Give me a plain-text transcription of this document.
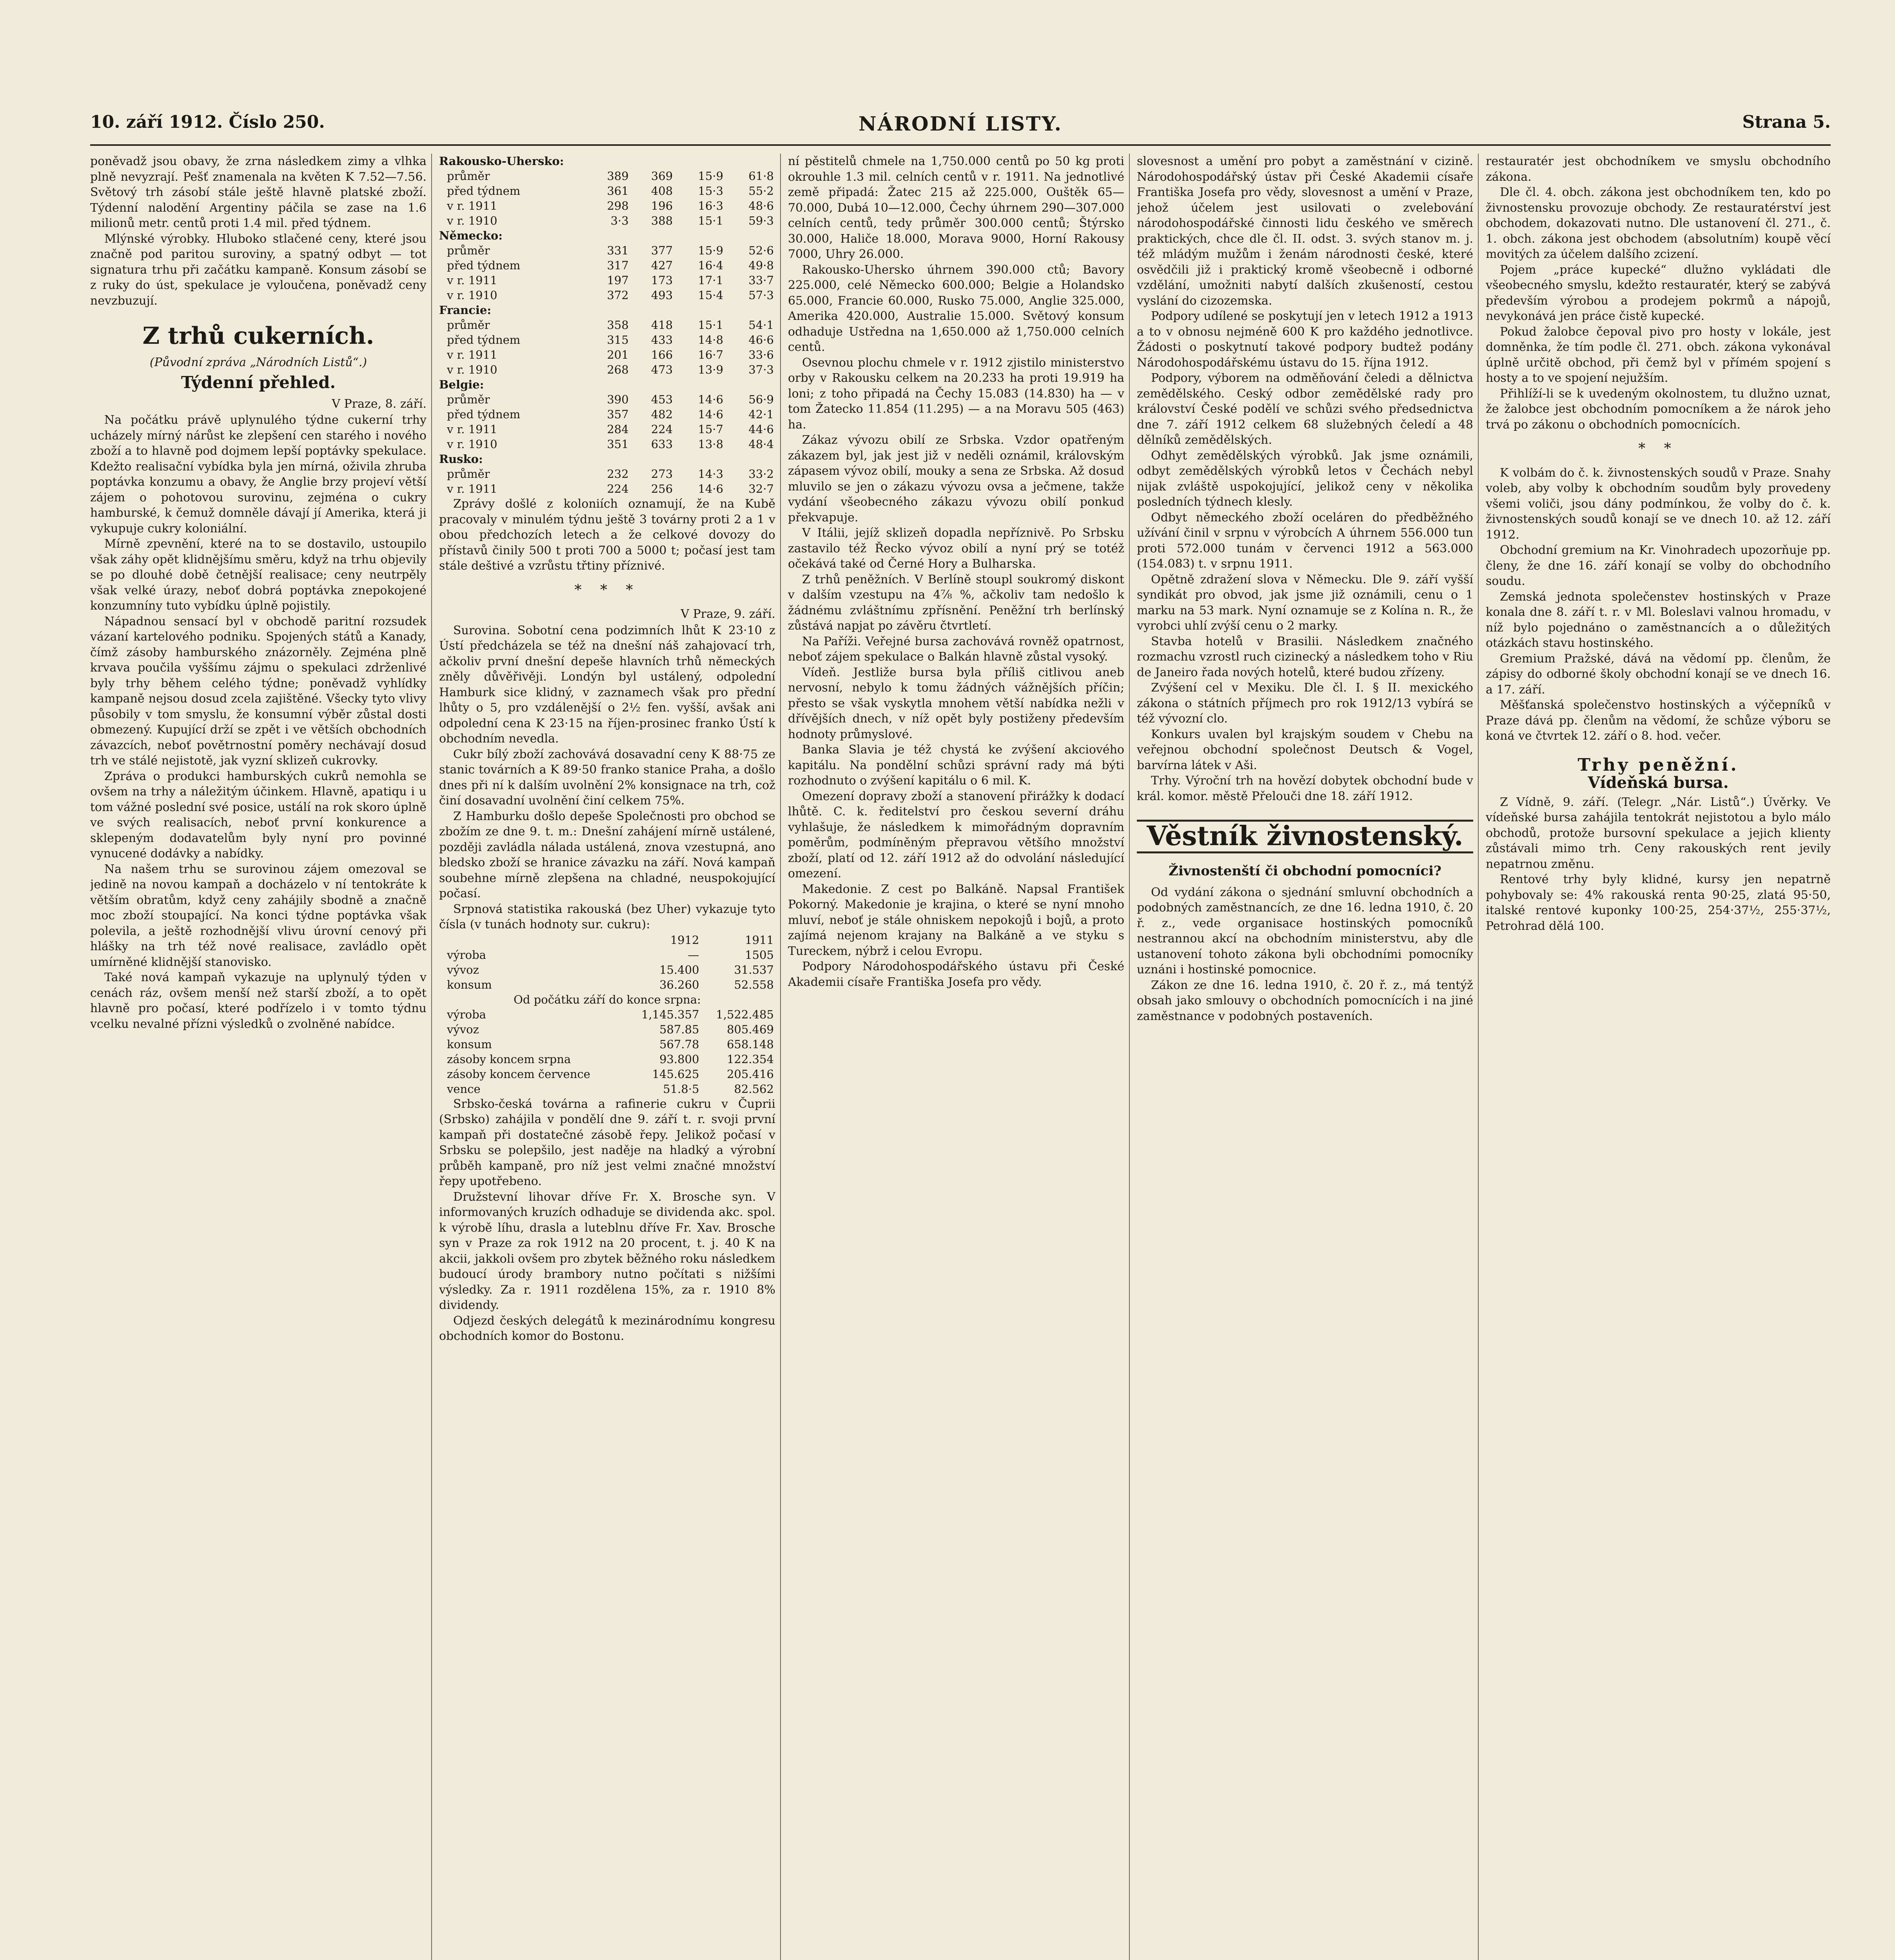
10. září 1912. Číslo 250.	NÁRODNÍ LISTY.	Strana 5.

poněvadž jsou obavy, že zrna následkem zimy a vlhka plně nevyzrají. Pešť znamenala na květen K 7.52—7.56. Světový trh zásobí stále ještě hlavně platské zboží. Týdenní nalodění Argentiny páčila se zase na 1.6 milionů metr. centů proti 1.4 mil. před týdnem.

Mlýnské výrobky. Hluboko stlačené ceny, které jsou značně pod paritou suroviny, a spatný odbyt — tot signatura trhu při začátku kampaně. Konsum zásobí se z ruky do úst, spekulace je vyloučena, poněvadž ceny nevzbuzují.

Z trhů cukerních.
(Původní zpráva „Národních Listů“.)
Týdenní přehled.
V Praze, 8. září.

Na počátku právě uplynulého týdne cukerní trhy ucházely mírný nárůst ke zlepšení cen starého i nového zboží a to hlavně pod dojmem lepší poptávky spekulace. Kdežto realisační vybídka byla jen mírná, oživila zhruba poptávka konzumu a obavy, že Anglie brzy projeví větší zájem o pohotovou surovinu, zejména o cukry hamburské, k čemuž domněle dávají jí Amerika, která ji vykupuje cukry koloniální.

Mírně zpevnění, které na to se dostavilo, ustoupilo však záhy opět klidnějšímu směru, když na trhu objevily se po dlouhé době četnější realisace; ceny neutrpěly však velké úrazy, neboť dobrá poptávka znepokojené konzumníny tuto vybídku úplně pojistily.

Nápadnou sensací byl v obchodě paritní rozsudek vázaní kartelového podniku. Spojených států a Kanady, čímž zásoby hamburského znázorněly. Zejména plně krvava poučila vyššímu zájmu o spekulaci zdrženlivé byly trhy během celého týdne; poněvadž vyhlídky kampaně nejsou dosud zcela zajištěné. Všecky tyto vlivy působily v tom smyslu, že konsumní výběr zůstal dosti obmezený. Kupující drží se zpět i ve větších obchodních závazcích, neboť povětrnostní poměry nechávají dosud trh ve stálé nejistotě, jak vyzní sklizeň cukrovky.

Zpráva o produkci hamburských cukrů nemohla se ovšem na trhy a náležitým účinkem. Hlavně, apatiqu i u tom vážné poslední své posice, ustálí na rok skoro úplně ve svých realisacích, neboť první konkurence a sklepeným dodavatelům byly nyní pro povinné vynucené dodávky a nabídky.

Na našem trhu se surovinou zájem omezoval se jedině na novou kampaň a docházelo v ní tentokráte k větším obratům, když ceny zahájily sbodně a značně moc zboží stoupající. Na konci týdne poptávka však polevila, a ještě rozhodnější vlivu úrovní cenový při hlášky na trh též nové realisace, zavládlo opět umírněné klidnější stanovisko.

Také nová kampaň vykazuje na uplynulý týden v cenách ráz, ovšem menší než starší zboží, a to opět hlavně pro počasí, které podřízelo i v tomto týdnu vcelku nevalné přízni výsledků o zvolněné nabídce.

Rakousko-Uhersko:				
průměr	389	369	15·9	61·8
před týdnem	361	408	15·3	55·2
v r. 1911	298	196	16·3	48·6
v r. 1910	3·3	388	15·1	59·3
Německo:				
průměr	331	377	15·9	52·6
před týdnem	317	427	16·4	49·8
v r. 1911	197	173	17·1	33·7
v r. 1910	372	493	15·4	57·3
Francie:				
průměr	358	418	15·1	54·1
před týdnem	315	433	14·8	46·6
v r. 1911	201	166	16·7	33·6
v r. 1910	268	473	13·9	37·3
Belgie:				
průměr	390	453	14·6	56·9
před týdnem	357	482	14·6	42·1
v r. 1911	284	224	15·7	44·6
v r. 1910	351	633	13·8	48·4
Rusko:				
průměr	232	273	14·3	33·2
v r. 1911	224	256	14·6	32·7

Zprávy došlé z koloniích oznamují, že na Kubě pracovaly v minulém týdnu ještě 3 továrny proti 2 a 1 v obou předchozích letech a že celkové dovozy do přístavů činily 500 t proti 700 a 5000 t; počasí jest tam stále deštivé a vzrůstu třtiny příznivé.

* * *
V Praze, 9. září.

Surovina. Sobotní cena podzimních lhůt K 23·10 z Ústí předcházela se též na dnešní náš zahajovací trh, ačkoliv první dnešní depeše hlavních trhů německých zněly důvěřivěji. Londýn byl ustálený, odpolední Hamburk sice klidný, v zaznamech však pro přední lhůty o 5, pro vzdálenější o 2½ fen. vyšší, avšak ani odpolední cena K 23·15 na říjen-prosinec franko Ústí k obchodním nevedla.

Cukr bílý zboží zachovává dosavadní ceny K 88·75 ze stanic továrních a K 89·50 franko stanice Praha, a došlo dnes při ní k dalším uvolnění 2% konsignace na trh, což činí dosavadní uvolnění činí celkem 75%.

Z Hamburku došlo depeše Společnosti pro obchod se zbožím ze dne 9. t. m.: Dnešní zahájení mírně ustálené, později zavládla nálada ustálená, znova vzestupná, ano bledsko zboží se hranice závazku na září. Nová kampaň soubehne mírně zlepšena na chladné, neuspokojující počasí.

Srpnová statistika rakouská (bez Uher) vykazuje tyto čísla (v tunách hodnoty sur. cukru):

	1912	1911
výroba	—	1505
vývoz	15.400	31.537
konsum	36.260	52.558
Od počátku září do konce srpna:		
výroba	1,145.357	1,522.485
vývoz	587.85	805.469
konsum	567.78	658.148
zásoby koncem srpna	93.800	122.354
zásoby koncem července	145.625	205.416
vence	51.8·5	82.562

Srbsko-česká továrna a rafinerie cukru v Čuprii (Srbsko) zahájila v pondělí dne 9. září t. r. svoji první kampaň při dostatečné zásobě řepy. Jelikož počasí v Srbsku se polepšilo, jest naděje na hladký a výrobní průběh kampaně, pro níž jest velmi značné množství řepy upotřebeno.

Družstevní lihovar dříve Fr. X. Brosche syn. V informovaných kruzích odhaduje se dividenda akc. spol. k výrobě líhu, drasla a luteblnu dříve Fr. Xav. Brosche syn v Praze za rok 1912 na 20 procent, t. j. 40 K na akcii, jakkoli ovšem pro zbytek běžného roku následkem budoucí úrody brambory nutno počítati s nižšími výsledky. Za r. 1911 rozdělena 15%, za r. 1910 8% dividendy.

Odjezd českých delegátů k mezinárodnímu kongresu obchodních komor do Bostonu.

ní pěstitelů chmele na 1,750.000 centů po 50 kg proti okrouhle 1.3 mil. celních centů v r. 1911. Na jednotlivé země připadá: Žatec 215 až 225.000, Ouštěk 65—70.000, Dubá 10—12.000, Čechy úhrnem 290—307.000 celních centů, tedy průměr 300.000 centů; Štýrsko 30.000, Haliče 18.000, Morava 9000, Horní Rakousy 7000, Uhry 26.000.

Rakousko-Uhersko úhrnem 390.000 ctů; Bavory 225.000, celé Německo 600.000; Belgie a Holandsko 65.000, Francie 60.000, Rusko 75.000, Anglie 325.000, Amerika 420.000, Australie 15.000. Světový konsum odhaduje Ustředna na 1,650.000 až 1,750.000 celních centů.

Osevnou plochu chmele v r. 1912 zjistilo ministerstvo orby v Rakousku celkem na 20.233 ha proti 19.919 ha loni; z toho připadá na Čechy 15.083 (14.830) ha — v tom Žatecko 11.854 (11.295) — a na Moravu 505 (463) ha.

Zákaz vývozu obilí ze Srbska. Vzdor opatřeným zákazem byl, jak jest již v neděli oznámil, královským zápasem vývoz obilí, mouky a sena ze Srbska. Až dosud mluvilo se jen o zákazu vývozu ovsa a ječmene, takže vydání všeobecného zákazu vývozu obilí ponkud překvapuje.

V Itálii, jejíž sklizeň dopadla nepříznivě. Po Srbsku zastavilo též Řecko vývoz obilí a nyní prý se totéž očekává také od Černé Hory a Bulharska.

Z trhů peněžních. V Berlíně stoupl soukromý diskont v dalším vzestupu na 4⅞ %, ačkoliv tam nedošlo k žádnému zvláštnímu zpřísnění. Peněžní trh berlínský zůstává napjat po závěru čtvrtletí.

Na Paříži. Veřejné bursa zachovává rovněž opatrnost, neboť zájem spekulace o Balkán hlavně zůstal vysoký.

Vídeň. Jestliže bursa byla příliš citlivou aneb nervosní, nebylo k tomu žádných vážnějších příčin; přesto se však vyskytla mnohem větší nabídka nežli v dřívějších dnech, v níž opět byly postiženy především hodnoty průmyslové.

Banka Slavia je též chystá ke zvýšení akciového kapitálu. Na pondělní schůzi správní rady má býti rozhodnuto o zvýšení kapitálu o 6 mil. K.

Omezení dopravy zboží a stanovení přirážky k dodací lhůtě. C. k. ředitelství pro českou severní dráhu vyhlašuje, že následkem k mimořádným dopravním poměrům, podmíněným přepravou většího množství zboží, platí od 12. září 1912 až do odvolání následující omezení.

Makedonie. Z cest po Balkáně. Napsal František Pokorný. Makedonie je krajina, o které se nyní mnoho mluví, neboť je stále ohniskem nepokojů i bojů, a proto zajímá nejenom krajany na Balkáně a ve styku s Tureckem, nýbrž i celou Evropu.

Podpory Národohospodářského ústavu při České Akademii císaře Františka Josefa pro vědy.

slovesnost a umění pro pobyt a zaměstnání v cizině. Národohospodářský ústav při České Akademii císaře Františka Josefa pro vědy, slovesnost a umění v Praze, jehož účelem jest usilovati o zvelebování národohospodářské činnosti lidu českého ve směrech praktických, chce dle čl. II. odst. 3. svých stanov m. j. též mládým mužům i ženám národnosti české, které osvědčili již i praktický kromě všeobecně i odborné vzdělání, umožniti nabytí dalších zkušeností, cestou vyslání do cizozemska.

Podpory udílené se poskytují jen v letech 1912 a 1913 a to v obnosu nejméně 600 K pro každého jednotlivce. Žádosti o poskytnutí takové podpory budtež podány Národohospodářskému ústavu do 15. října 1912.

Podpory, výborem na odměňování čeledi a dělnictva zemědělského. Ceský odbor zemědělské rady pro království České podělí ve schůzi svého předsednictva dne 7. září 1912 celkem 68 služebných čeledí a 48 dělníků zemědělských.

Odhyt zemědělských výrobků. Jak jsme oznámili, odbyt zemědělských výrobků letos v Čechách nebyl nijak zvláště uspokojující, jelikož ceny v několika posledních týdnech klesly.

Odbyt německého zboží oceláren do předběžného užívání činil v srpnu v výrobcích A úhrnem 556.000 tun proti 572.000 tunám v červenci 1912 a 563.000 (154.083) t. v srpnu 1911.

Opětně zdražení slova v Německu. Dle 9. září vyšší syndikát pro obvod, jak jsme již oznámili, cenu o 1 marku na 53 mark. Nyní oznamuje se z Kolína n. R., že vyrobci uhlí zvýší cenu o 2 marky.

Stavba hotelů v Brasilii. Následkem značného rozmachu vzrostl ruch cizinecký a následkem toho v Riu de Janeiro řada nových hotelů, které budou zřízeny.

Zvýšení cel v Mexiku. Dle čl. I. § II. mexického zákona o státních příjmech pro rok 1912/13 vybírá se též vývozní clo.

Konkurs uvalen byl krajským soudem v Chebu na veřejnou obchodní společnost Deutsch & Vogel, barvírna látek v Aši.

Trhy. Výroční trh na hovězí dobytek obchodní bude v král. komor. městě Přelouči dne 18. září 1912.

Věstník živnostenský.
Živnostenští či obchodní pomocníci?

Od vydání zákona o sjednání smluvní obchodních a podobných zaměstnancích, ze dne 16. ledna 1910, č. 20 ř. z., vede organisace hostinských pomocníků nestrannou akcí na obchodním ministerstvu, aby dle ustanovení tohoto zákona byli obchodními pomocníky uznáni i hostinské pomocnice.

Zákon ze dne 16. ledna 1910, č. 20 ř. z., má tentýž obsah jako smlouvy o obchodních pomocnících i na jiné zaměstnance v podobných postaveních.

restauratér jest obchodníkem ve smyslu obchodního zákona.

Dle čl. 4. obch. zákona jest obchodníkem ten, kdo po živnostensku provozuje obchody. Ze restauratérství jest obchodem, dokazovati nutno. Dle ustanovení čl. 271., č. 1. obch. zákona jest obchodem (absolutním) koupě věcí movitých za účelem dalšího zcizení.

Pojem „práce kupecké“ dlužno vykládati dle všeobecného smyslu, kdežto restauratér, který se zabývá především výrobou a prodejem pokrmů a nápojů, nevykonává jen práce čistě kupecké.

Pokud žalobce čepoval pivo pro hosty v lokále, jest domněnka, že tím podle čl. 271. obch. zákona vykonával úplně určitě obchod, při čemž byl v přímém spojení s hosty a to ve spojení nejužším.

Přihlíží-li se k uvedeným okolnostem, tu dlužno uznat, že žalobce jest obchodním pomocníkem a že nárok jeho trvá po zákonu o obchodních pomocnících.

* *

K volbám do č. k. živnostenských soudů v Praze. Snahy voleb, aby volby k obchodním soudům byly provedeny všemi voliči, jsou dány podmínkou, že volby do č. k. živnostenských soudů konají se ve dnech 10. až 12. září 1912.

Obchodní gremium na Kr. Vinohradech upozorňuje pp. členy, že dne 16. září konají se volby do obchodního soudu.

Zemská jednota společenstev hostinských v Praze konala dne 8. září t. r. v Ml. Boleslavi valnou hromadu, v níž bylo pojednáno o zaměstnancích a o důležitých otázkách stavu hostinského.

Gremium Pražské, dává na vědomí pp. členům, že zápisy do odborné školy obchodní konají se ve dnech 16. a 17. září.

Měšťanská společenstvo hostinských a výčepníků v Praze dává pp. členům na vědomí, že schůze výboru se koná ve čtvrtek 12. září o 8. hod. večer.

Trhy peněžní.
Vídeňská bursa.

Z Vídně, 9. září. (Telegr. „Nár. Listů“.) Úvěrky. Ve vídeňské bursa zahájila tentokrát nejistotou a bylo málo obchodů, protože bursovní spekulace a jejich klienty zůstávali mimo trh. Ceny rakouských rent jevily nepatrnou změnu.

Rentové trhy byly klidné, kursy jen nepatrně pohybovaly se: 4% rakouská renta 90·25, zlatá 95·50, italské rentové kuponky 100·25, 254·37½, 255·37½, Petrohrad dělá 100.
